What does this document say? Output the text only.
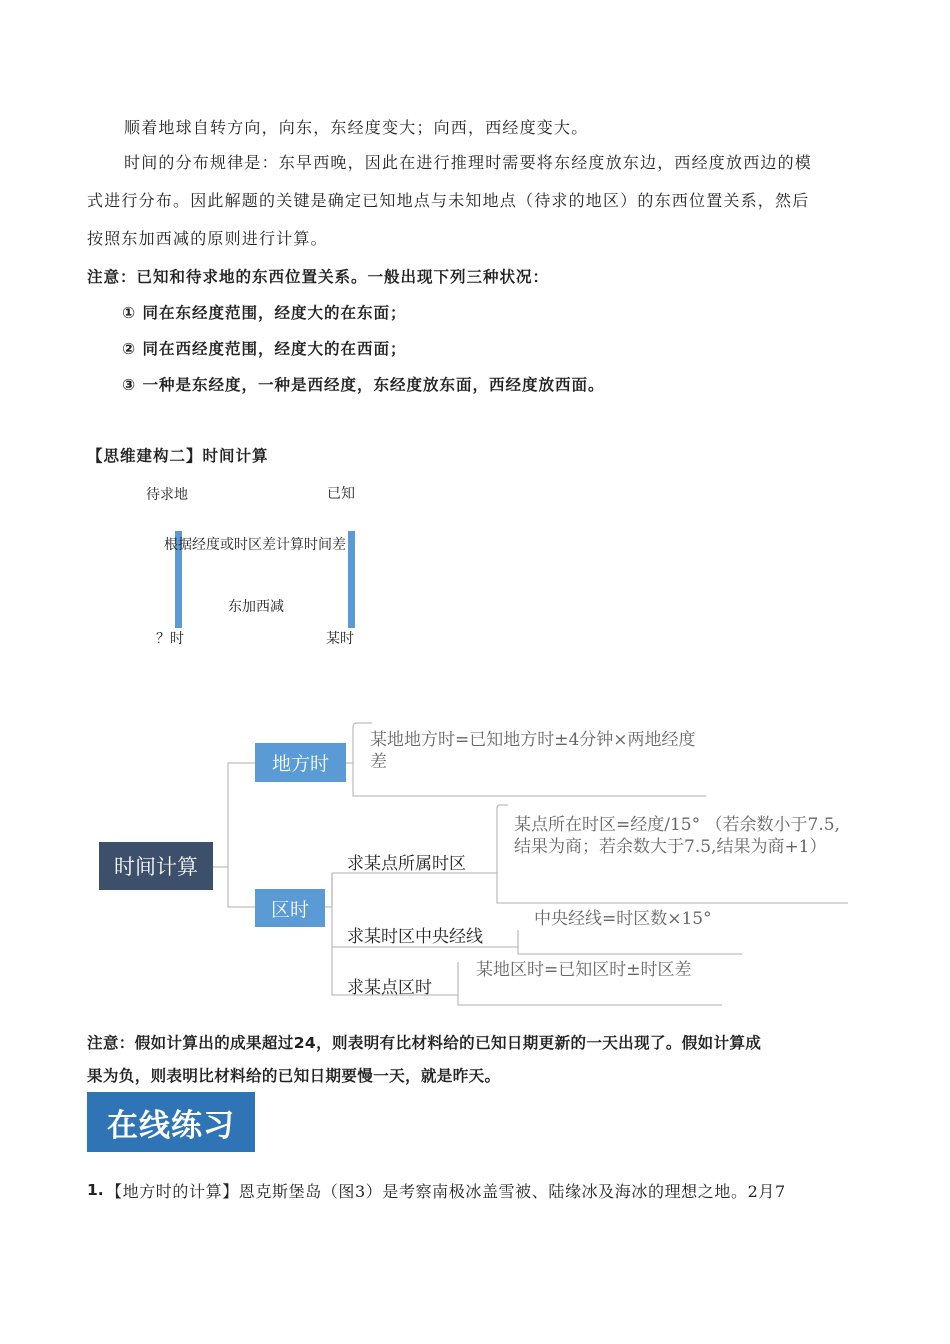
顺着地球自转方向，向东，东经度变大；向西，西经度变大。
时间的分布规律是：东早西晚，因此在进行推理时需要将东经度放东边，西经度放西边的模
式进行分布。因此解题的关键是确定已知地点与未知地点（待求的地区）的东西位置关系，然后
按照东加西减的原则进行计算。
注意：已知和待求地的东西位置关系。一般出现下列三种状况：
① 同在东经度范围，经度大的在东面；
② 同在西经度范围，经度大的在西面；
③ 一种是东经度，一种是西经度，东经度放东面，西经度放西面。
【思维建构二】时间计算
待求地	已知
根据经度或时区差计算时间差
东加西减
？时	某时
时间计算
地方时
区时
某地地方时=已知地方时±4分钟×两地经度差
求某点所属时区
某点所在时区=经度/15° （若余数小于7.5,结果为商；若余数大于7.5,结果为商+1）
求某时区中央经线
中央经线=时区数×15°
求某点区时
某地区时=已知区时±时区差
注意：假如计算出的成果超过24，则表明有比材料给的已知日期更新的一天出现了。假如计算成
果为负，则表明比材料给的已知日期要慢一天，就是昨天。
在线练习
1. 【地方时的计算】恩克斯堡岛（图3）是考察南极冰盖雪被、陆缘冰及海冰的理想之地。2月7
